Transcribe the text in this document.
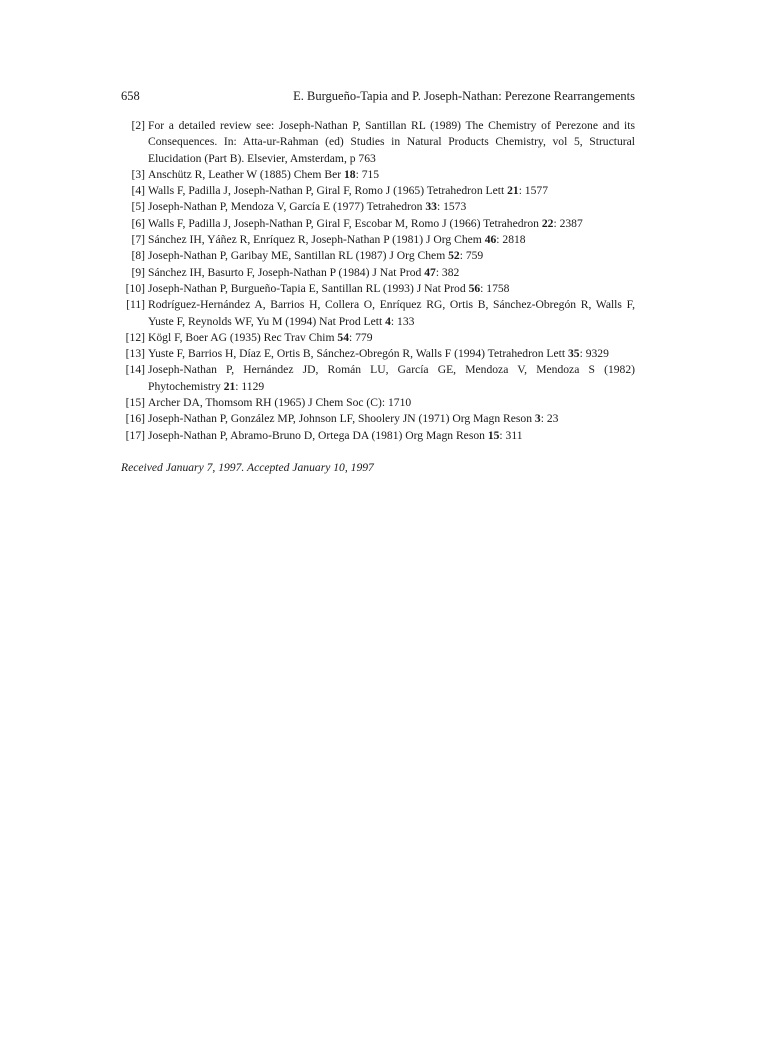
658	E. Burgueño-Tapia and P. Joseph-Nathan: Perezone Rearrangements
[2] For a detailed review see: Joseph-Nathan P, Santillan RL (1989) The Chemistry of Perezone and its Consequences. In: Atta-ur-Rahman (ed) Studies in Natural Products Chemistry, vol 5, Structural Elucidation (Part B). Elsevier, Amsterdam, p 763
[3] Anschütz R, Leather W (1885) Chem Ber 18: 715
[4] Walls F, Padilla J, Joseph-Nathan P, Giral F, Romo J (1965) Tetrahedron Lett 21: 1577
[5] Joseph-Nathan P, Mendoza V, García E (1977) Tetrahedron 33: 1573
[6] Walls F, Padilla J, Joseph-Nathan P, Giral F, Escobar M, Romo J (1966) Tetrahedron 22: 2387
[7] Sánchez IH, Yáñez R, Enríquez R, Joseph-Nathan P (1981) J Org Chem 46: 2818
[8] Joseph-Nathan P, Garibay ME, Santillan RL (1987) J Org Chem 52: 759
[9] Sánchez IH, Basurto F, Joseph-Nathan P (1984) J Nat Prod 47: 382
[10] Joseph-Nathan P, Burgueño-Tapia E, Santillan RL (1993) J Nat Prod 56: 1758
[11] Rodríguez-Hernández A, Barrios H, Collera O, Enríquez RG, Ortis B, Sánchez-Obregón R, Walls F, Yuste F, Reynolds WF, Yu M (1994) Nat Prod Lett 4: 133
[12] Kögl F, Boer AG (1935) Rec Trav Chim 54: 779
[13] Yuste F, Barrios H, Díaz E, Ortis B, Sánchez-Obregón R, Walls F (1994) Tetrahedron Lett 35: 9329
[14] Joseph-Nathan P, Hernández JD, Román LU, García GE, Mendoza V, Mendoza S (1982) Phytochemistry 21: 1129
[15] Archer DA, Thomsom RH (1965) J Chem Soc (C): 1710
[16] Joseph-Nathan P, González MP, Johnson LF, Shoolery JN (1971) Org Magn Reson 3: 23
[17] Joseph-Nathan P, Abramo-Bruno D, Ortega DA (1981) Org Magn Reson 15: 311
Received January 7, 1997. Accepted January 10, 1997
